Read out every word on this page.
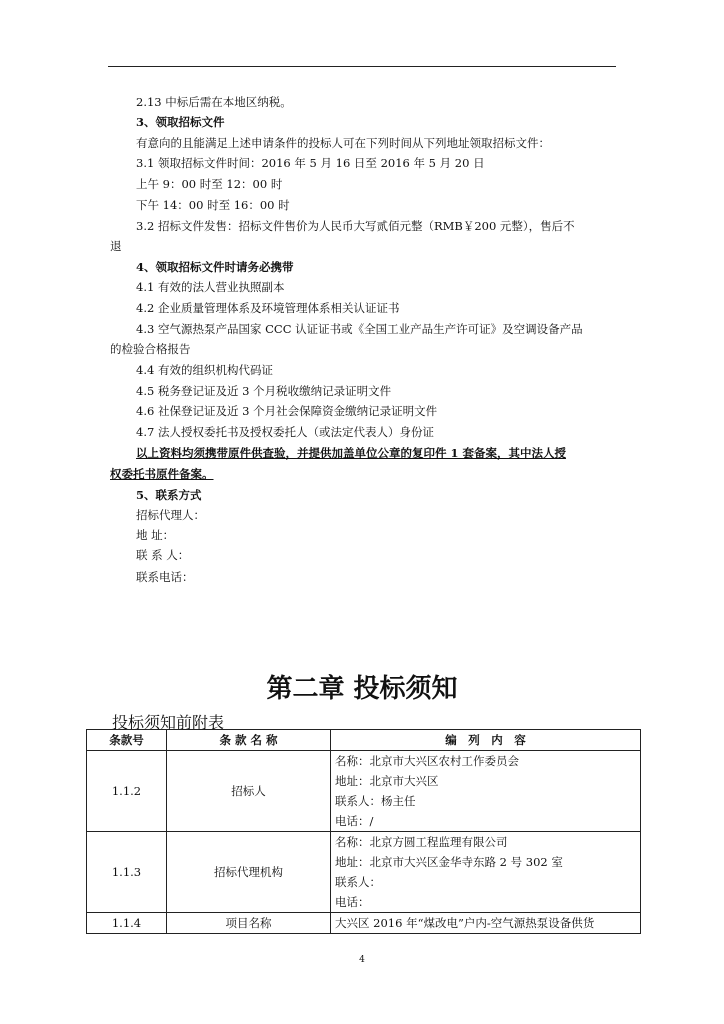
2.13 中标后需在本地区纳税。
3、领取招标文件
有意向的且能满足上述申请条件的投标人可在下列时间从下列地址领取招标文件：
3.1 领取招标文件时间：2016 年 5 月 16 日至 2016 年 5 月 20 日
上午 9：00 时至 12：00 时
下午 14：00 时至 16：00 时
3.2 招标文件发售：招标文件售价为人民币大写贰佰元整（RMB￥200 元整），售后不
退
4、领取招标文件时请务必携带
4.1 有效的法人营业执照副本
4.2 企业质量管理体系及环境管理体系相关认证证书
4.3 空气源热泵产品国家 CCC 认证证书或《全国工业产品生产许可证》及空调设备产品
的检验合格报告
4.4 有效的组织机构代码证
4.5 税务登记证及近 3 个月税收缴纳记录证明文件
4.6 社保登记证及近 3 个月社会保障资金缴纳记录证明文件
4.7 法人授权委托书及授权委托人（或法定代表人）身份证
以上资料均须携带原件供查验，并提供加盖单位公章的复印件 1 套备案，其中法人授
权委托书原件备案。
5、联系方式
招标代理人：
地 址：
联 系 人：
联系电话：
第二章 投标须知
投标须知前附表
条款号	条 款 名 称	编　列　内　容
1.1.2	招标人	名称：北京市大兴区农村工作委员会
地址：北京市大兴区
联系人：杨主任
电话：/

1.1.3	招标代理机构	名称：北京方圆工程监理有限公司
地址：北京市大兴区金华寺东路 2 号 302 室
联系人：
电话：

1.1.4	项目名称	大兴区 2016 年“煤改电”户内-空气源热泵设备供货
4
